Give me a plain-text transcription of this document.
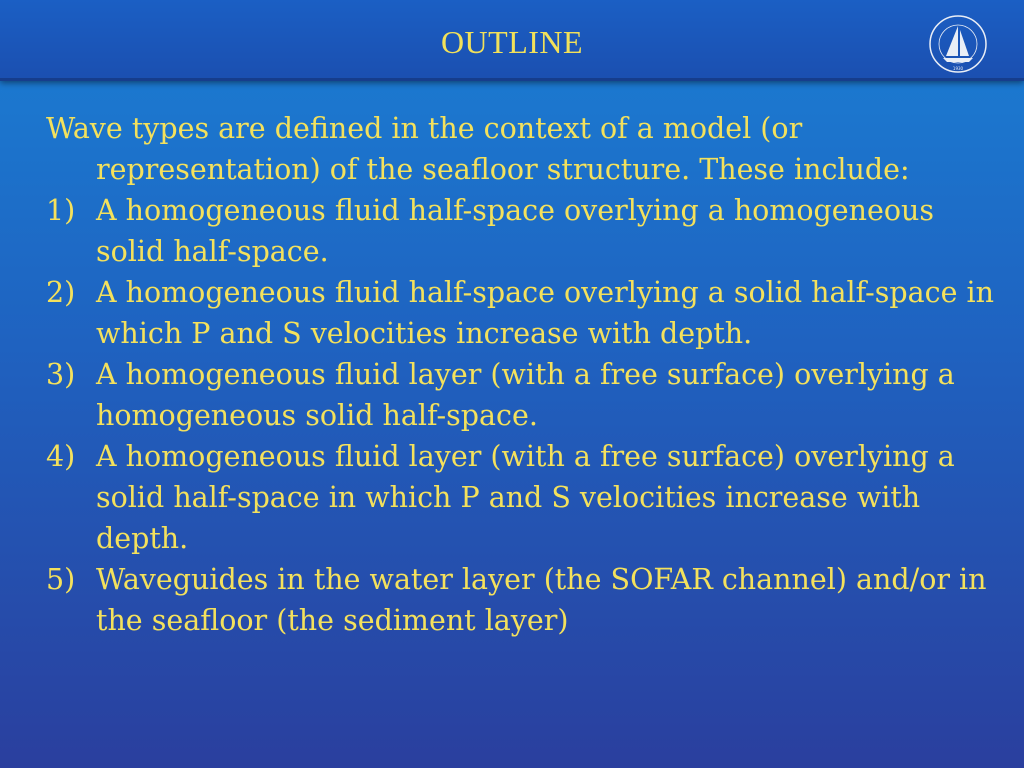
OUTLINE
1930

Wave types are defined in the context of a model (or representation) of the seafloor structure. These include:

1) A homogeneous fluid half-space overlying a homogeneous solid half-space.
2) A homogeneous fluid half-space overlying a solid half-space in which P and S velocities increase with depth.
3) A homogeneous fluid layer (with a free surface) overlying a homogeneous solid half-space.
4) A homogeneous fluid layer (with a free surface) overlying a solid half-space in which P and S velocities increase with depth.
5) Waveguides in the water layer (the SOFAR channel) and/or in the seafloor (the sediment layer)
